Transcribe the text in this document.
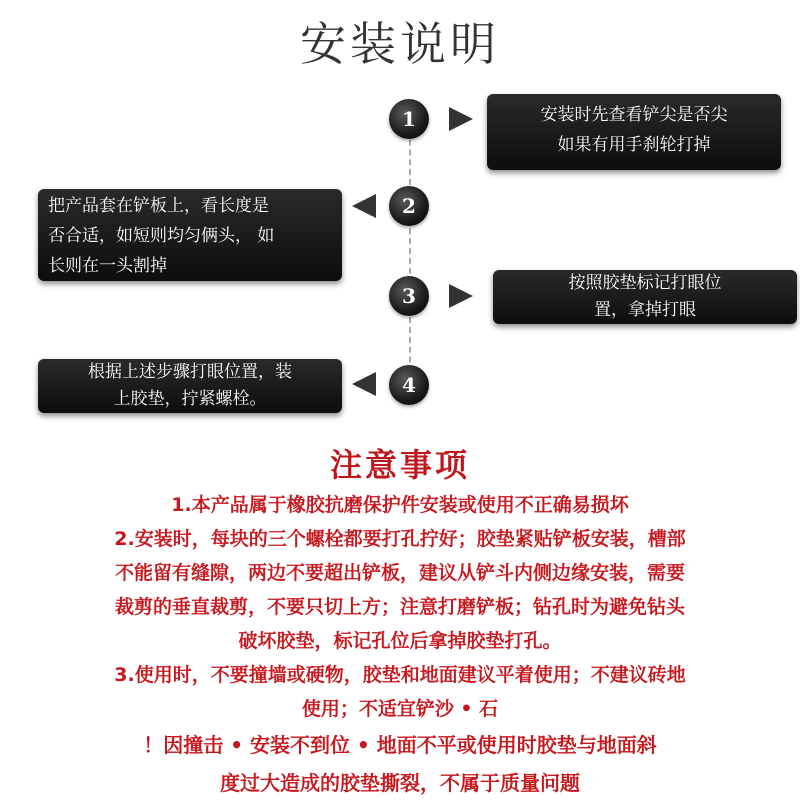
安装说明
1	安装时先查看铲尖是否尖
如果有用手刹轮打掉
2
把产品套在铲板上，看长度是
否合适，如短则均匀俩头， 如
长则在一头割掉
3
按照胶垫标记打眼位
置，拿掉打眼
4
根据上述步骤打眼位置，装
上胶垫，拧紧螺栓。
注意事项

1.本产品属于橡胶抗磨保护件安装或使用不正确易损坏

2.安装时，每块的三个螺栓都要打孔拧好；胶垫紧贴铲板安装，槽部

不能留有缝隙，两边不要超出铲板，建议从铲斗内侧边缘安装，需要

裁剪的垂直裁剪，不要只切上方；注意打磨铲板；钻孔时为避免钻头

破坏胶垫，标记孔位后拿掉胶垫打孔。

3.使用时，不要撞墙或硬物，胶垫和地面建议平着使用；不建议砖地

使用；不适宜铲沙 • 石

！因撞击 • 安装不到位 • 地面不平或使用时胶垫与地面斜
度过大造成的胶垫撕裂，不属于质量问题
